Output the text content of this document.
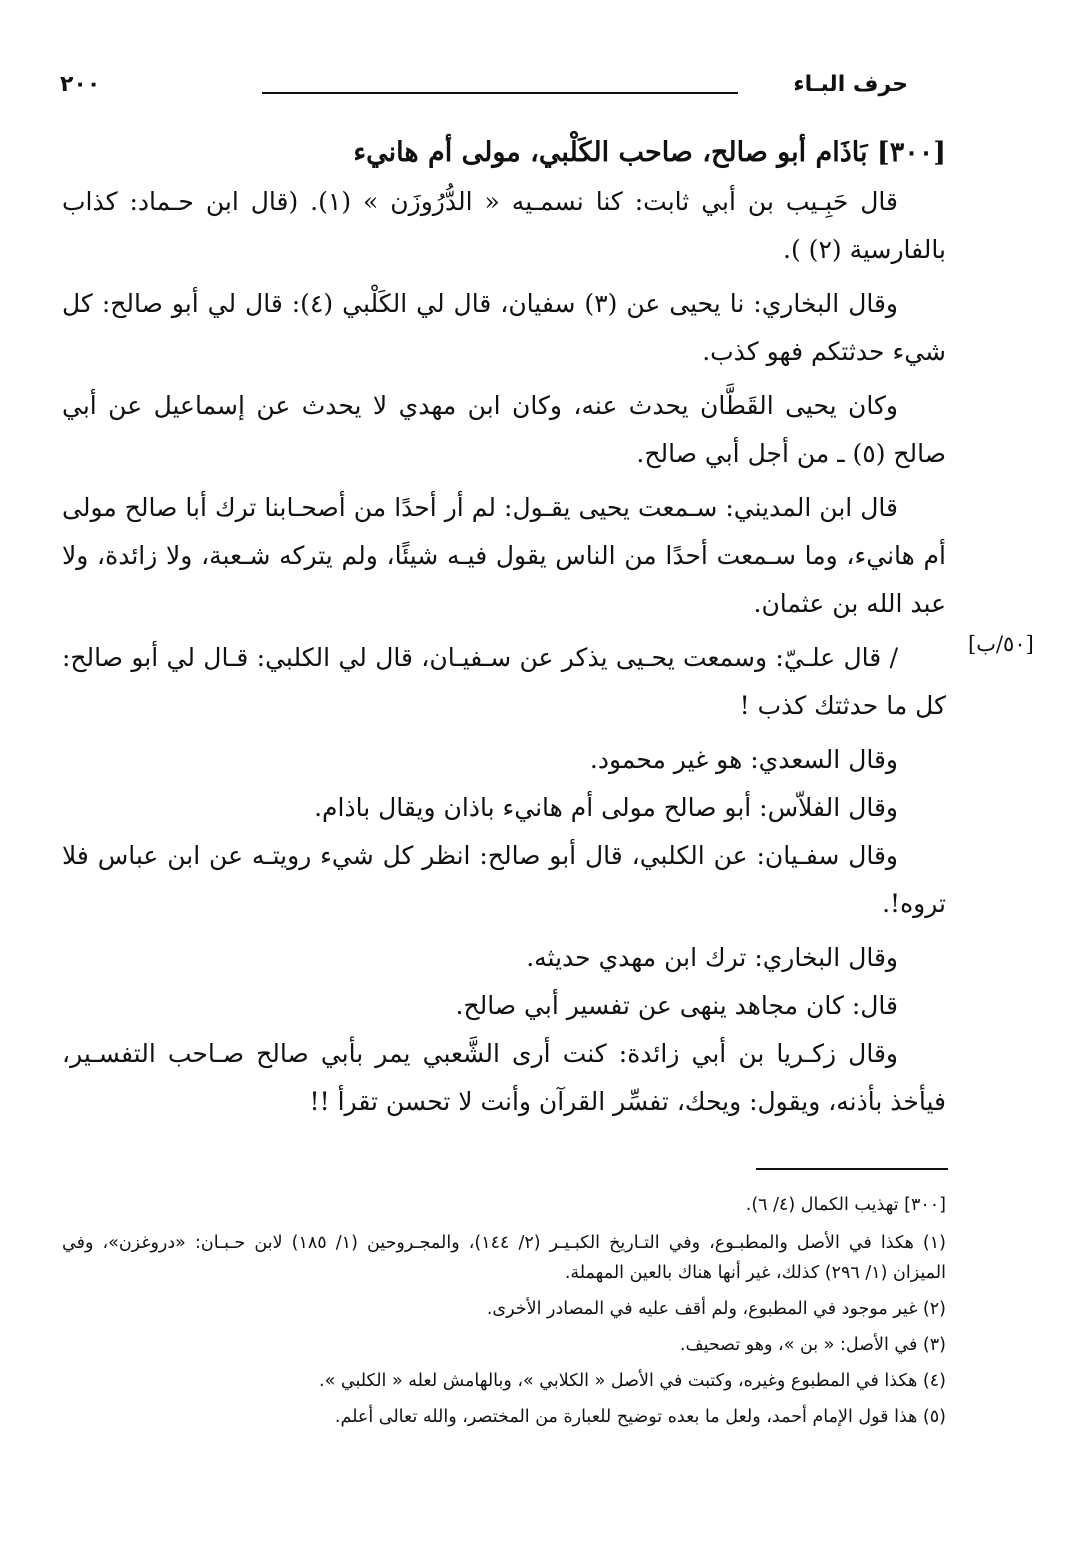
٢٠٠	حرف البـاء
[٥٠/ب]
[٣٠٠] بَاذَام أبو صالح، صاحب الكَلْبي، مولى أم هانيء

قال حَبِـيب بن أبي ثابت: كنا نسمـيه « الدُّرُوزَن » (١). (قال ابن حـماد: كذاب بالفارسية (٢) ).

وقال البخاري: نا يحيى عن (٣) سفيان، قال لي الكَلْبي (٤): قال لي أبو صالح: كل شيء حدثتكم فهو كذب.

وكان يحيى القَطَّان يحدث عنه، وكان ابن مهدي لا يحدث عن إسماعيل عن أبي صالح (٥) ـ من أجل أبي صالح.

قال ابن المديني: سـمعت يحيى يقـول: لم أر أحدًا من أصحـابنا ترك أبا صالح مولى أم هانيء، وما سـمعت أحدًا من الناس يقول فيـه شيئًا، ولم يتركه شـعبة، ولا زائدة، ولا عبد الله بن عثمان.

/ قال علـيّ: وسمعت يحـيى يذكر عن سـفيـان، قال لي الكلبي: قـال لي أبو صالح: كل ما حدثتك كذب !

وقال السعدي: هو غير محمود.

وقال الفلاّس: أبو صالح مولى أم هانيء باذان ويقال باذام.

وقال سفـيان: عن الكلبي، قال أبو صالح: انظر كل شيء رويتـه عن ابن عباس فلا تروه!.

وقال البخاري: ترك ابن مهدي حديثه.

قال: كان مجاهد ينهى عن تفسير أبي صالح.

وقال زكـريا بن أبي زائدة: كنت أرى الشَّعبي يمر بأبي صالح صـاحب التفسـير، فيأخذ بأذنه، ويقول: ويحك، تفسِّر القرآن وأنت لا تحسن تقرأ !!

[٣٠٠] تهذيب الكمال (٤/ ٦).

(١) هكذا في الأصل والمطبـوع، وفي التـاريخ الكبـيـر (٢/ ١٤٤)، والمجـروحين (١/ ١٨٥) لابن حـبـان: «دروغزن»، وفي الميزان (١/ ٢٩٦) كذلك، غير أنها هناك بالعين المهملة.

(٢) غير موجود في المطبوع، ولم أقف عليه في المصادر الأخرى.

(٣) في الأصل: « بن »، وهو تصحيف.

(٤) هكذا في المطبوع وغيره، وكتبت في الأصل « الكلابي »، وبالهامش لعله « الكلبي ».

(٥) هذا قول الإمام أحمد، ولعل ما بعده توضيح للعبارة من المختصر، والله تعالى أعلم.
